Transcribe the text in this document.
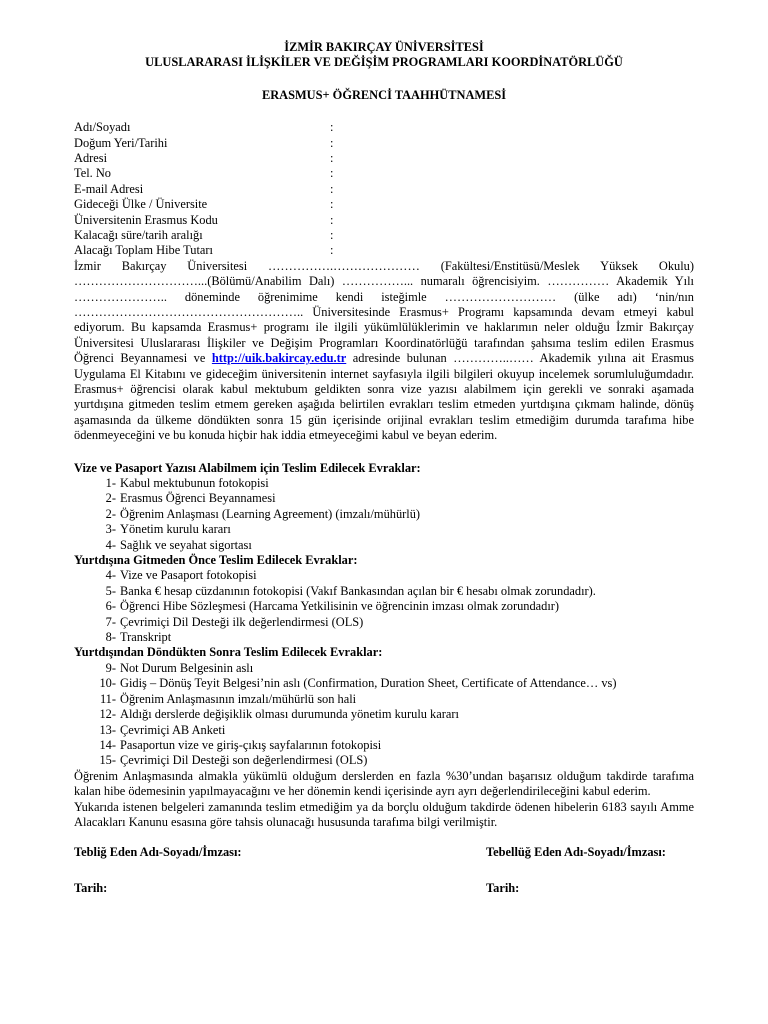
İZMİR BAKIRÇAY ÜNİVERSİTESİ
ULUSLARARASI İLİŞKİLER VE DEĞİŞİM PROGRAMLARI KOORDİNATÖRLÜĞÜ
ERASMUS+ ÖĞRENCİ TAAHHÜTNAMESİ
Adı/Soyadı	:
Doğum Yeri/Tarihi	:
Adresi	:
Tel. No	:
E-mail Adresi	:
Gideceği Ülke / Üniversite	:
Üniversitenin Erasmus Kodu	:
Kalacağı süre/tarih aralığı	:
Alacağı Toplam Hibe Tutarı	:

İzmir Bakırçay Üniversitesi …………….………………… (Fakültesi/Enstitüsü/Meslek Yüksek Okulu) …………………………...(Bölümü/Anabilim Dalı) ……………... numaralı öğrencisiyim. …………… Akademik Yılı ………………….. döneminde öğrenimime kendi isteğimle ……………………… (ülke adı) ‘nin/nın ……………………………………………….. Üniversitesinde Erasmus+ Programı kapsamında devam etmeyi kabul ediyorum. Bu kapsamda Erasmus+ programı ile ilgili yükümlülüklerimin ve haklarımın neler olduğu İzmir Bakırçay Üniversitesi Uluslararası İlişkiler ve Değişim Programları Koordinatörlüğü tarafından şahsıma teslim edilen Erasmus Öğrenci Beyannamesi ve http://uik.bakircay.edu.tr adresinde bulunan …………..…… Akademik yılına ait Erasmus Uygulama El Kitabını ve gideceğim üniversitenin internet sayfasıyla ilgili bilgileri okuyup incelemek sorumluluğumdadır. Erasmus+ öğrencisi olarak kabul mektubum geldikten sonra vize yazısı alabilmem için gerekli ve sonraki aşamada yurtdışına gitmeden teslim etmem gereken aşağıda belirtilen evrakları teslim etmeden yurtdışına çıkmam halinde, dönüş aşamasında da ülkeme döndükten sonra 15 gün içerisinde orijinal evrakları teslim etmediğim durumda tarafıma hibe ödenmeyeceğini ve bu konuda hiçbir hak iddia etmeyeceğimi kabul ve beyan ederim.

Vize ve Pasaport Yazısı Alabilmem için Teslim Edilecek Evraklar:
1- Kabul mektubunun fotokopisi
2- Erasmus Öğrenci Beyannamesi
2- Öğrenim Anlaşması (Learning Agreement) (imzalı/mühürlü)
3- Yönetim kurulu kararı
4- Sağlık ve seyahat sigortası
Yurtdışına Gitmeden Önce Teslim Edilecek Evraklar:
4- Vize ve Pasaport fotokopisi
5- Banka € hesap cüzdanının fotokopisi (Vakıf Bankasından açılan bir € hesabı olmak zorundadır).
6- Öğrenci Hibe Sözleşmesi (Harcama Yetkilisinin ve öğrencinin imzası olmak zorundadır)
7- Çevrimiçi Dil Desteği ilk değerlendirmesi (OLS)
8- Transkript
Yurtdışından Döndükten Sonra Teslim Edilecek Evraklar:
9- Not Durum Belgesinin aslı
10- Gidiş – Dönüş Teyit Belgesi’nin aslı (Confirmation, Duration Sheet, Certificate of Attendance… vs)
11- Öğrenim Anlaşmasının imzalı/mühürlü son hali
12- Aldığı derslerde değişiklik olması durumunda yönetim kurulu kararı
13- Çevrimiçi AB Anketi
14- Pasaportun vize ve giriş-çıkış sayfalarının fotokopisi
15- Çevrimiçi Dil Desteği son değerlendirmesi (OLS)

Öğrenim Anlaşmasında almakla yükümlü olduğum derslerden en fazla %30’undan başarısız olduğum takdirde tarafıma kalan hibe ödemesinin yapılmayacağını ve her dönemin kendi içerisinde ayrı ayrı değerlendirileceğini kabul ederim.

Yukarıda istenen belgeleri zamanında teslim etmediğim ya da borçlu olduğum takdirde ödenen hibelerin 6183 sayılı Amme Alacakları Kanunu esasına göre tahsis olunacağı hususunda tarafıma bilgi verilmiştir.

Tebliğ Eden Adı-Soyadı/İmzası:	Tebellüğ Eden Adı-Soyadı/İmzası:
Tarih:	Tarih:
